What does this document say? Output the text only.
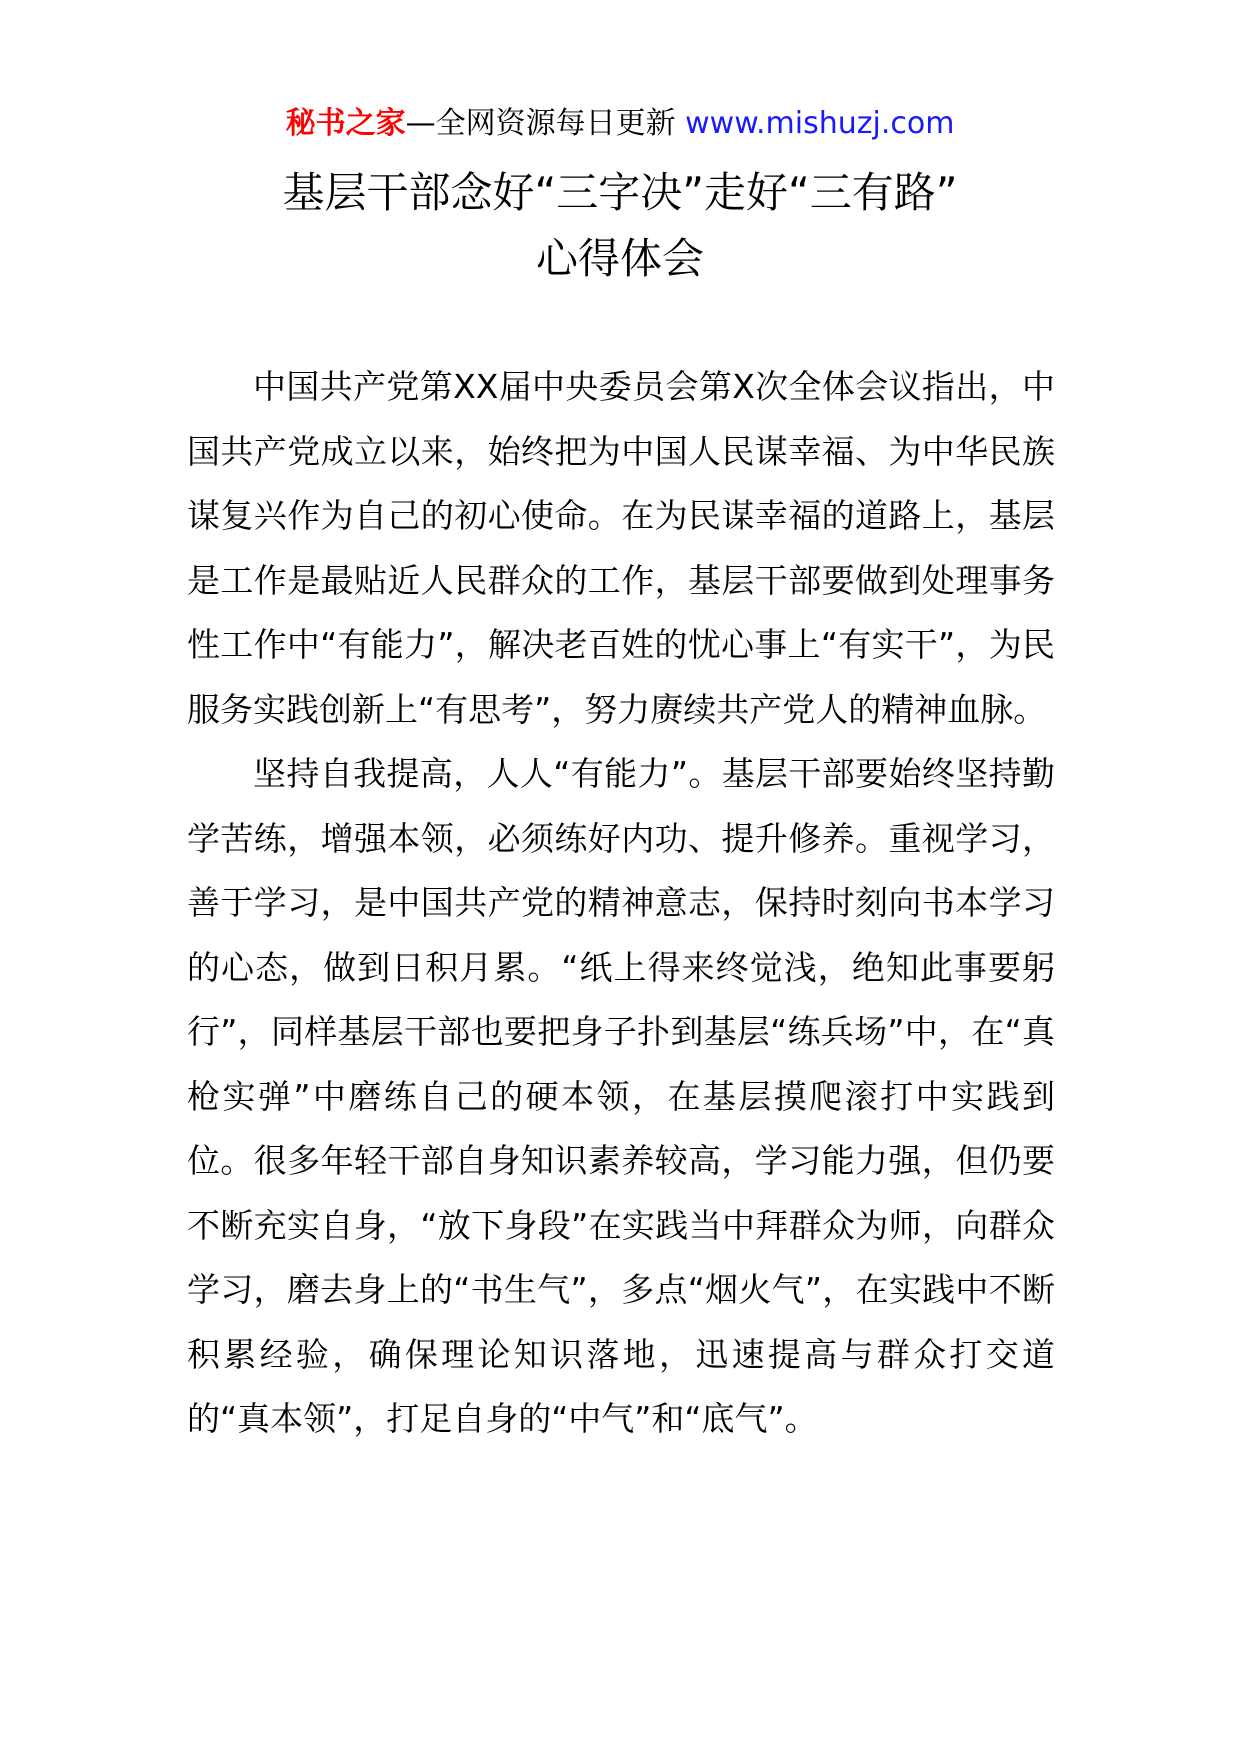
秘书之家—全网资源每日更新 www.mishuzj.com
基层干部念好“三字决”走好“三有路”
心得体会

中国共产党第XX届中央委员会第X次全体会议指出，中国共产党成立以来，始终把为中国人民谋幸福、为中华民族谋复兴作为自己的初心使命。在为民谋幸福的道路上，基层是工作是最贴近人民群众的工作，基层干部要做到处理事务性工作中“有能力”，解决老百姓的忧心事上“有实干”，为民服务实践创新上“有思考”，努力赓续共产党人的精神血脉。

坚持自我提高，人人“有能力”。基层干部要始终坚持勤学苦练，增强本领，必须练好内功、提升修养。重视学习，善于学习，是中国共产党的精神意志，保持时刻向书本学习的心态，做到日积月累。“纸上得来终觉浅，绝知此事要躬行”，同样基层干部也要把身子扑到基层“练兵场”中，在“真枪实弹”中磨练自己的硬本领，在基层摸爬滚打中实践到位。很多年轻干部自身知识素养较高，学习能力强，但仍要不断充实自身，“放下身段”在实践当中拜群众为师，向群众学习，磨去身上的“书生气”，多点“烟火气”，在实践中不断积累经验，确保理论知识落地，迅速提高与群众打交道的“真本领”，打足自身的“中气”和“底气”。
